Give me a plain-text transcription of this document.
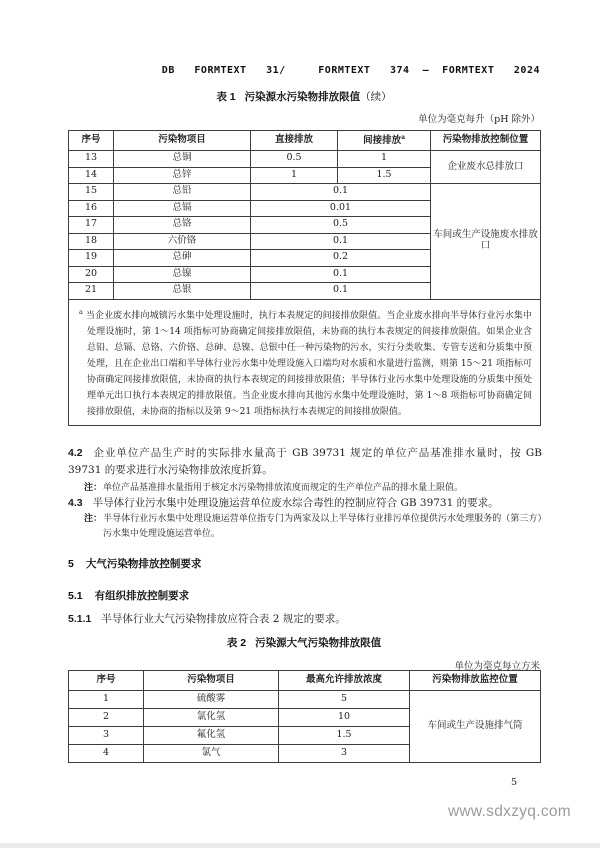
DB   FORMTEXT   31/     FORMTEXT   374  —  FORMTEXT   2024
表 1 污染源水污染物排放限值（续）
单位为毫克每升（pH 除外）
序号	污染物项目	直接排放	间接排放$^a$	污染物排放控制位置
13	总铜	0.5	1	企业废水总排放口
14	总锌	1	1.5	
15	总铅	0.1		车间或生产设施废水排放口
16	总镉	0.01		
17	总铬	0.5		
18	六价铬	0.1		
19	总砷	0.2		
20	总镍	0.1		
21	总银	0.1		
$^a$ 当企业废水排向城镇污水集中处理设施时，执行本表规定的间接排放限值。当企业废水排向半导体行业污水集中处理设施时，第 1～14 项指标可协商确定间接排放限值，未协商的执行本表规定的间接排放限值。如果企业含总铅、总镉、总铬、六价铬、总砷、总镍、总银中任一种污染物的污水，实行分类收集、专管专送和分质集中预处理，且在企业出口端和半导体行业污水集中处理设施入口端均对水质和水量进行监测，则第 15～21 项指标可协商确定间接排放限值，未协商的执行本表规定的间接排放限值；半导体行业污水集中处理设施的分质集中预处理单元出口执行本表规定的排放限值。当企业废水排向其他污水集中处理设施时，第 1～8 项指标可协商确定间接排放限值，未协商的指标以及第 9～21 项指标执行本表规定的间接排放限值。				
4.2 企业单位产品生产时的实际排水量高于 GB 39731 规定的单位产品基准排水量时，按 GB 39731 的要求进行水污染物排放浓度折算。
注：单位产品基准排水量指用于核定水污染物排放浓度而规定的生产单位产品的排水量上限值。
4.3 半导体行业污水集中处理设施运营单位废水综合毒性的控制应符合 GB 39731 的要求。
注：半导体行业污水集中处理设施运营单位指专门为两家及以上半导体行业排污单位提供污水处理服务的（第三方）污水集中处理设施运营单位。
5 大气污染物排放控制要求
5.1 有组织排放控制要求
5.1.1 半导体行业大气污染物排放应符合表 2 规定的要求。
表 2 污染源大气污染物排放限值
单位为毫克每立方米
序号	污染物项目	最高允许排放浓度	污染物排放监控位置
1	硫酸雾	5	车间或生产设施排气筒
2	氯化氢	10	
3	氟化氢	1.5	
4	氯气	3	
5
www.sdxzyq.com
